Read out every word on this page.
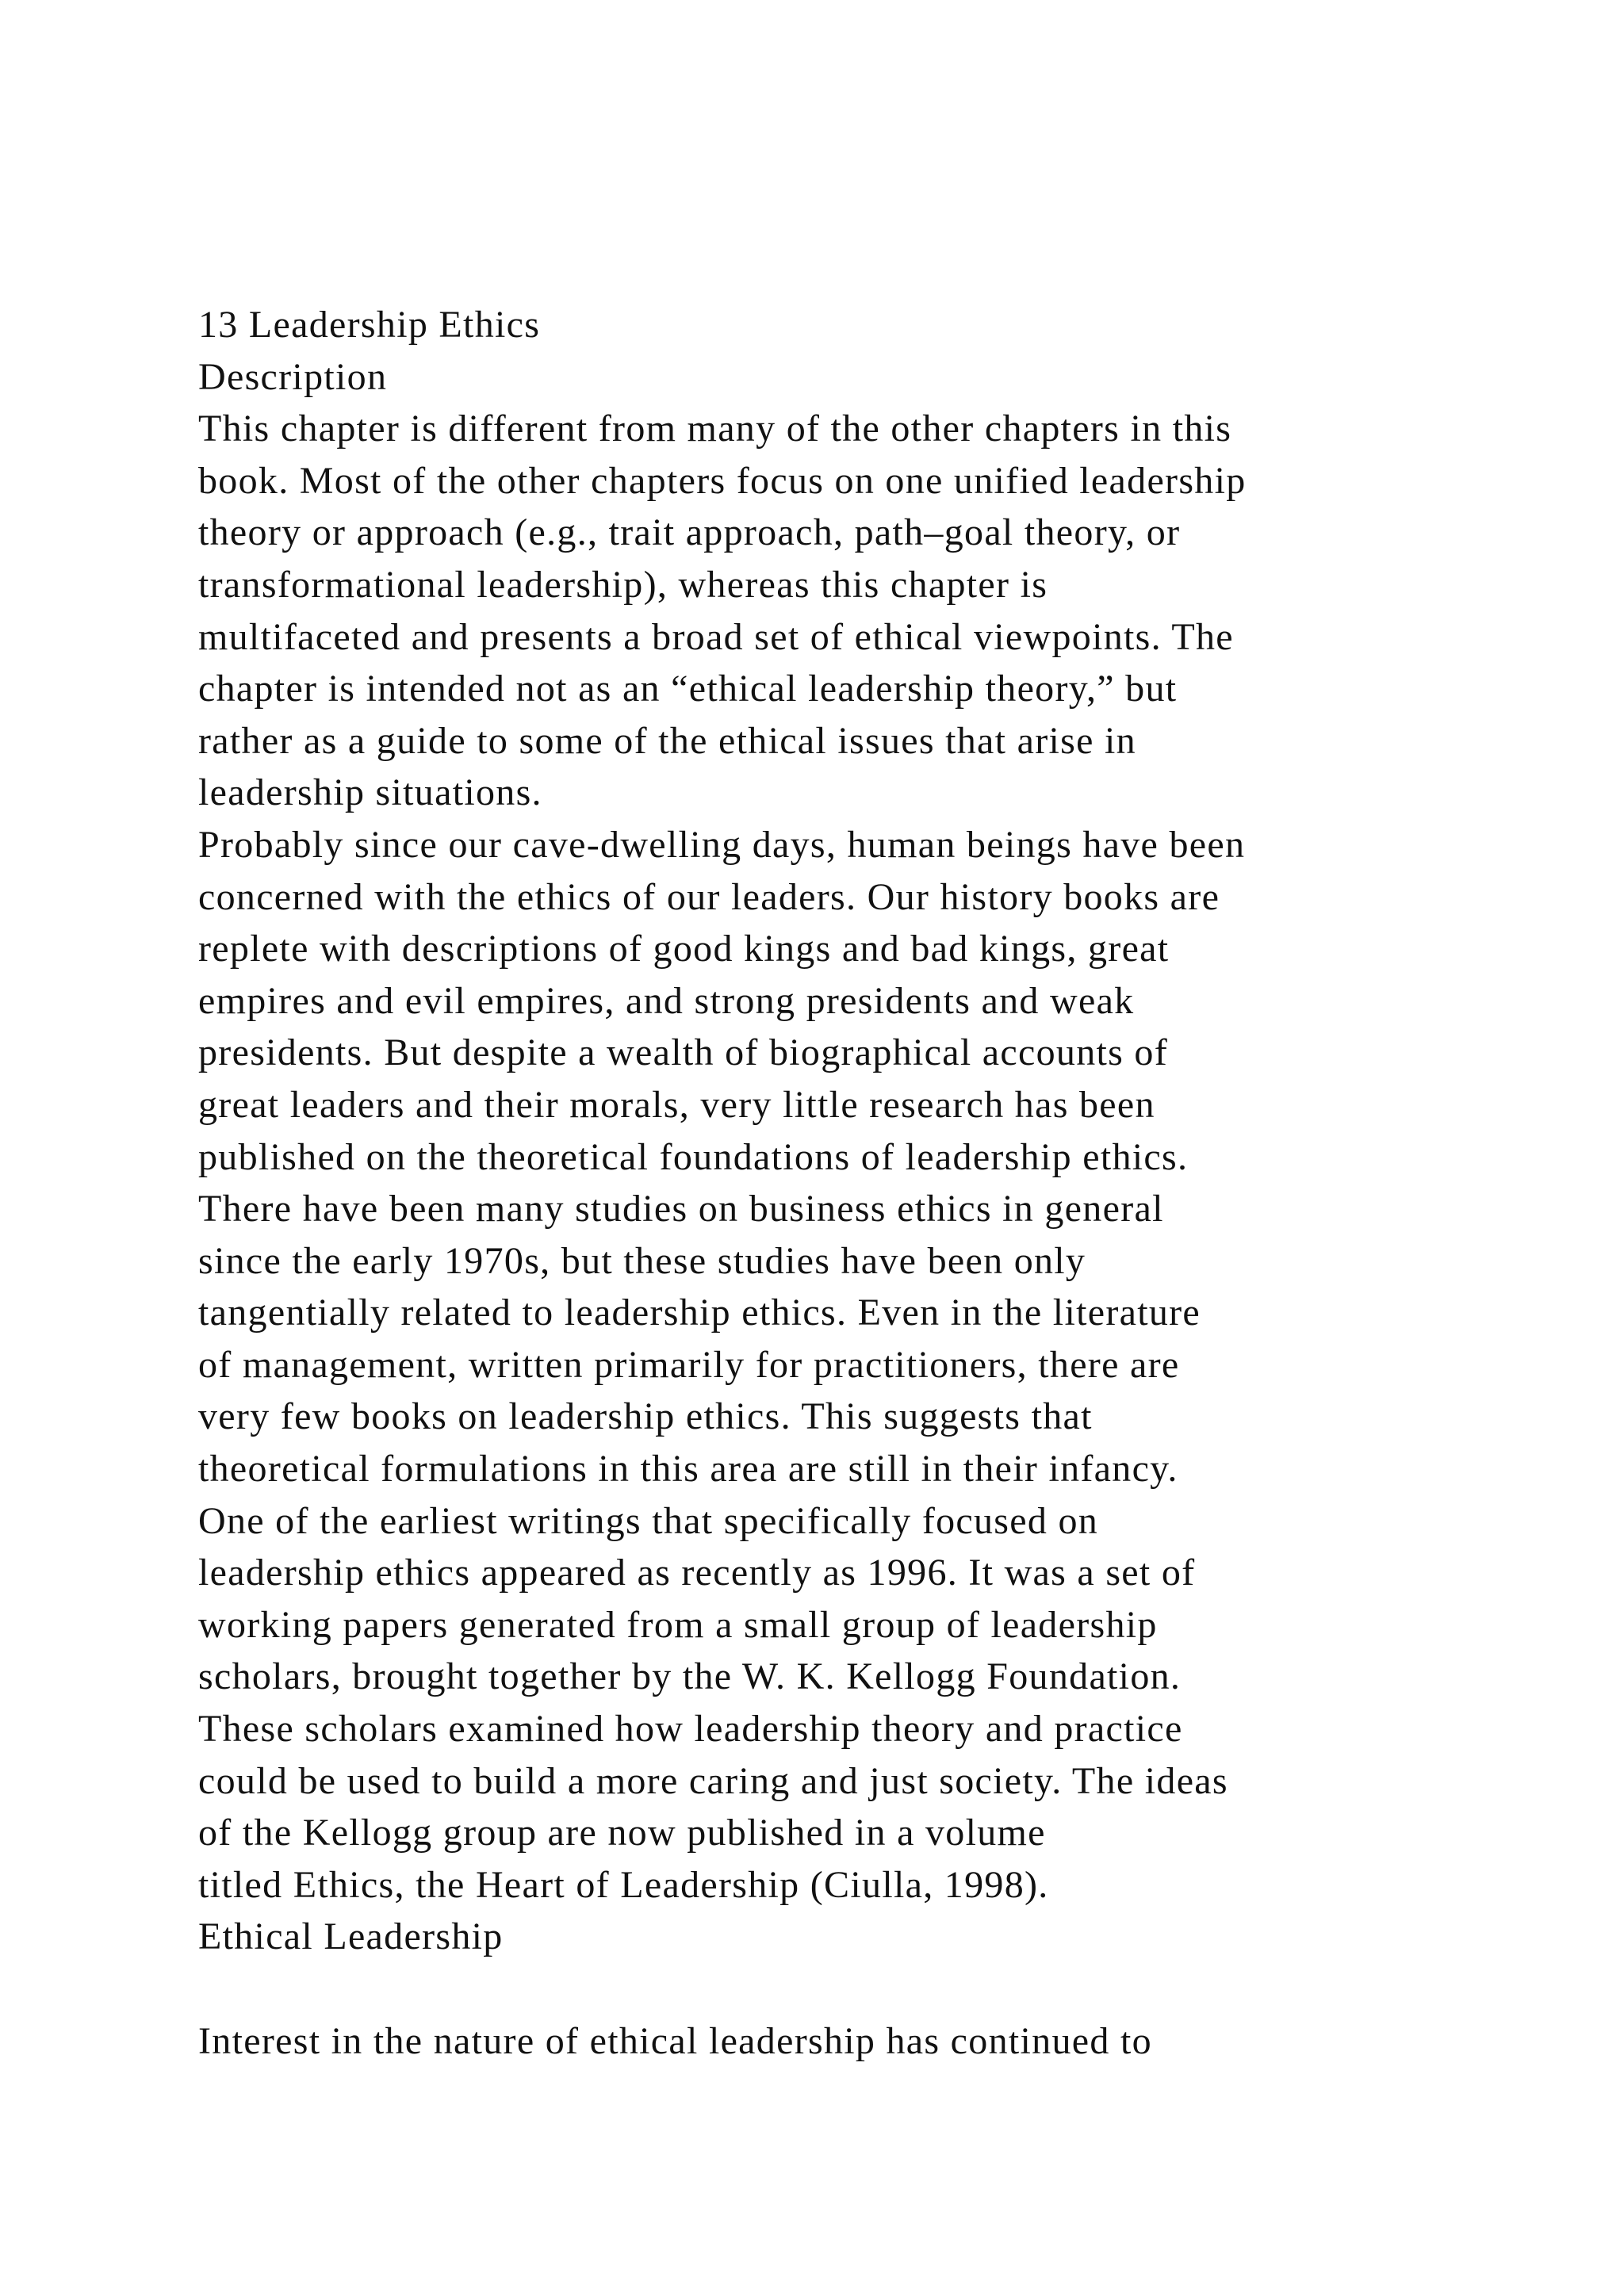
13 Leadership Ethics
Description
This chapter is different from many of the other chapters in this
book. Most of the other chapters focus on one unified leadership
theory or approach (e.g., trait approach, path–goal theory, or
transformational leadership), whereas this chapter is
multifaceted and presents a broad set of ethical viewpoints. The
chapter is intended not as an “ethical leadership theory,” but
rather as a guide to some of the ethical issues that arise in
leadership situations.
Probably since our cave-dwelling days, human beings have been
concerned with the ethics of our leaders. Our history books are
replete with descriptions of good kings and bad kings, great
empires and evil empires, and strong presidents and weak
presidents. But despite a wealth of biographical accounts of
great leaders and their morals, very little research has been
published on the theoretical foundations of leadership ethics.
There have been many studies on business ethics in general
since the early 1970s, but these studies have been only
tangentially related to leadership ethics. Even in the literature
of management, written primarily for practitioners, there are
very few books on leadership ethics. This suggests that
theoretical formulations in this area are still in their infancy.
One of the earliest writings that specifically focused on
leadership ethics appeared as recently as 1996. It was a set of
working papers generated from a small group of leadership
scholars, brought together by the W. K. Kellogg Foundation.
These scholars examined how leadership theory and practice
could be used to build a more caring and just society. The ideas
of the Kellogg group are now published in a volume
titled Ethics, the Heart of Leadership (Ciulla, 1998).
Ethical Leadership
Interest in the nature of ethical leadership has continued to
